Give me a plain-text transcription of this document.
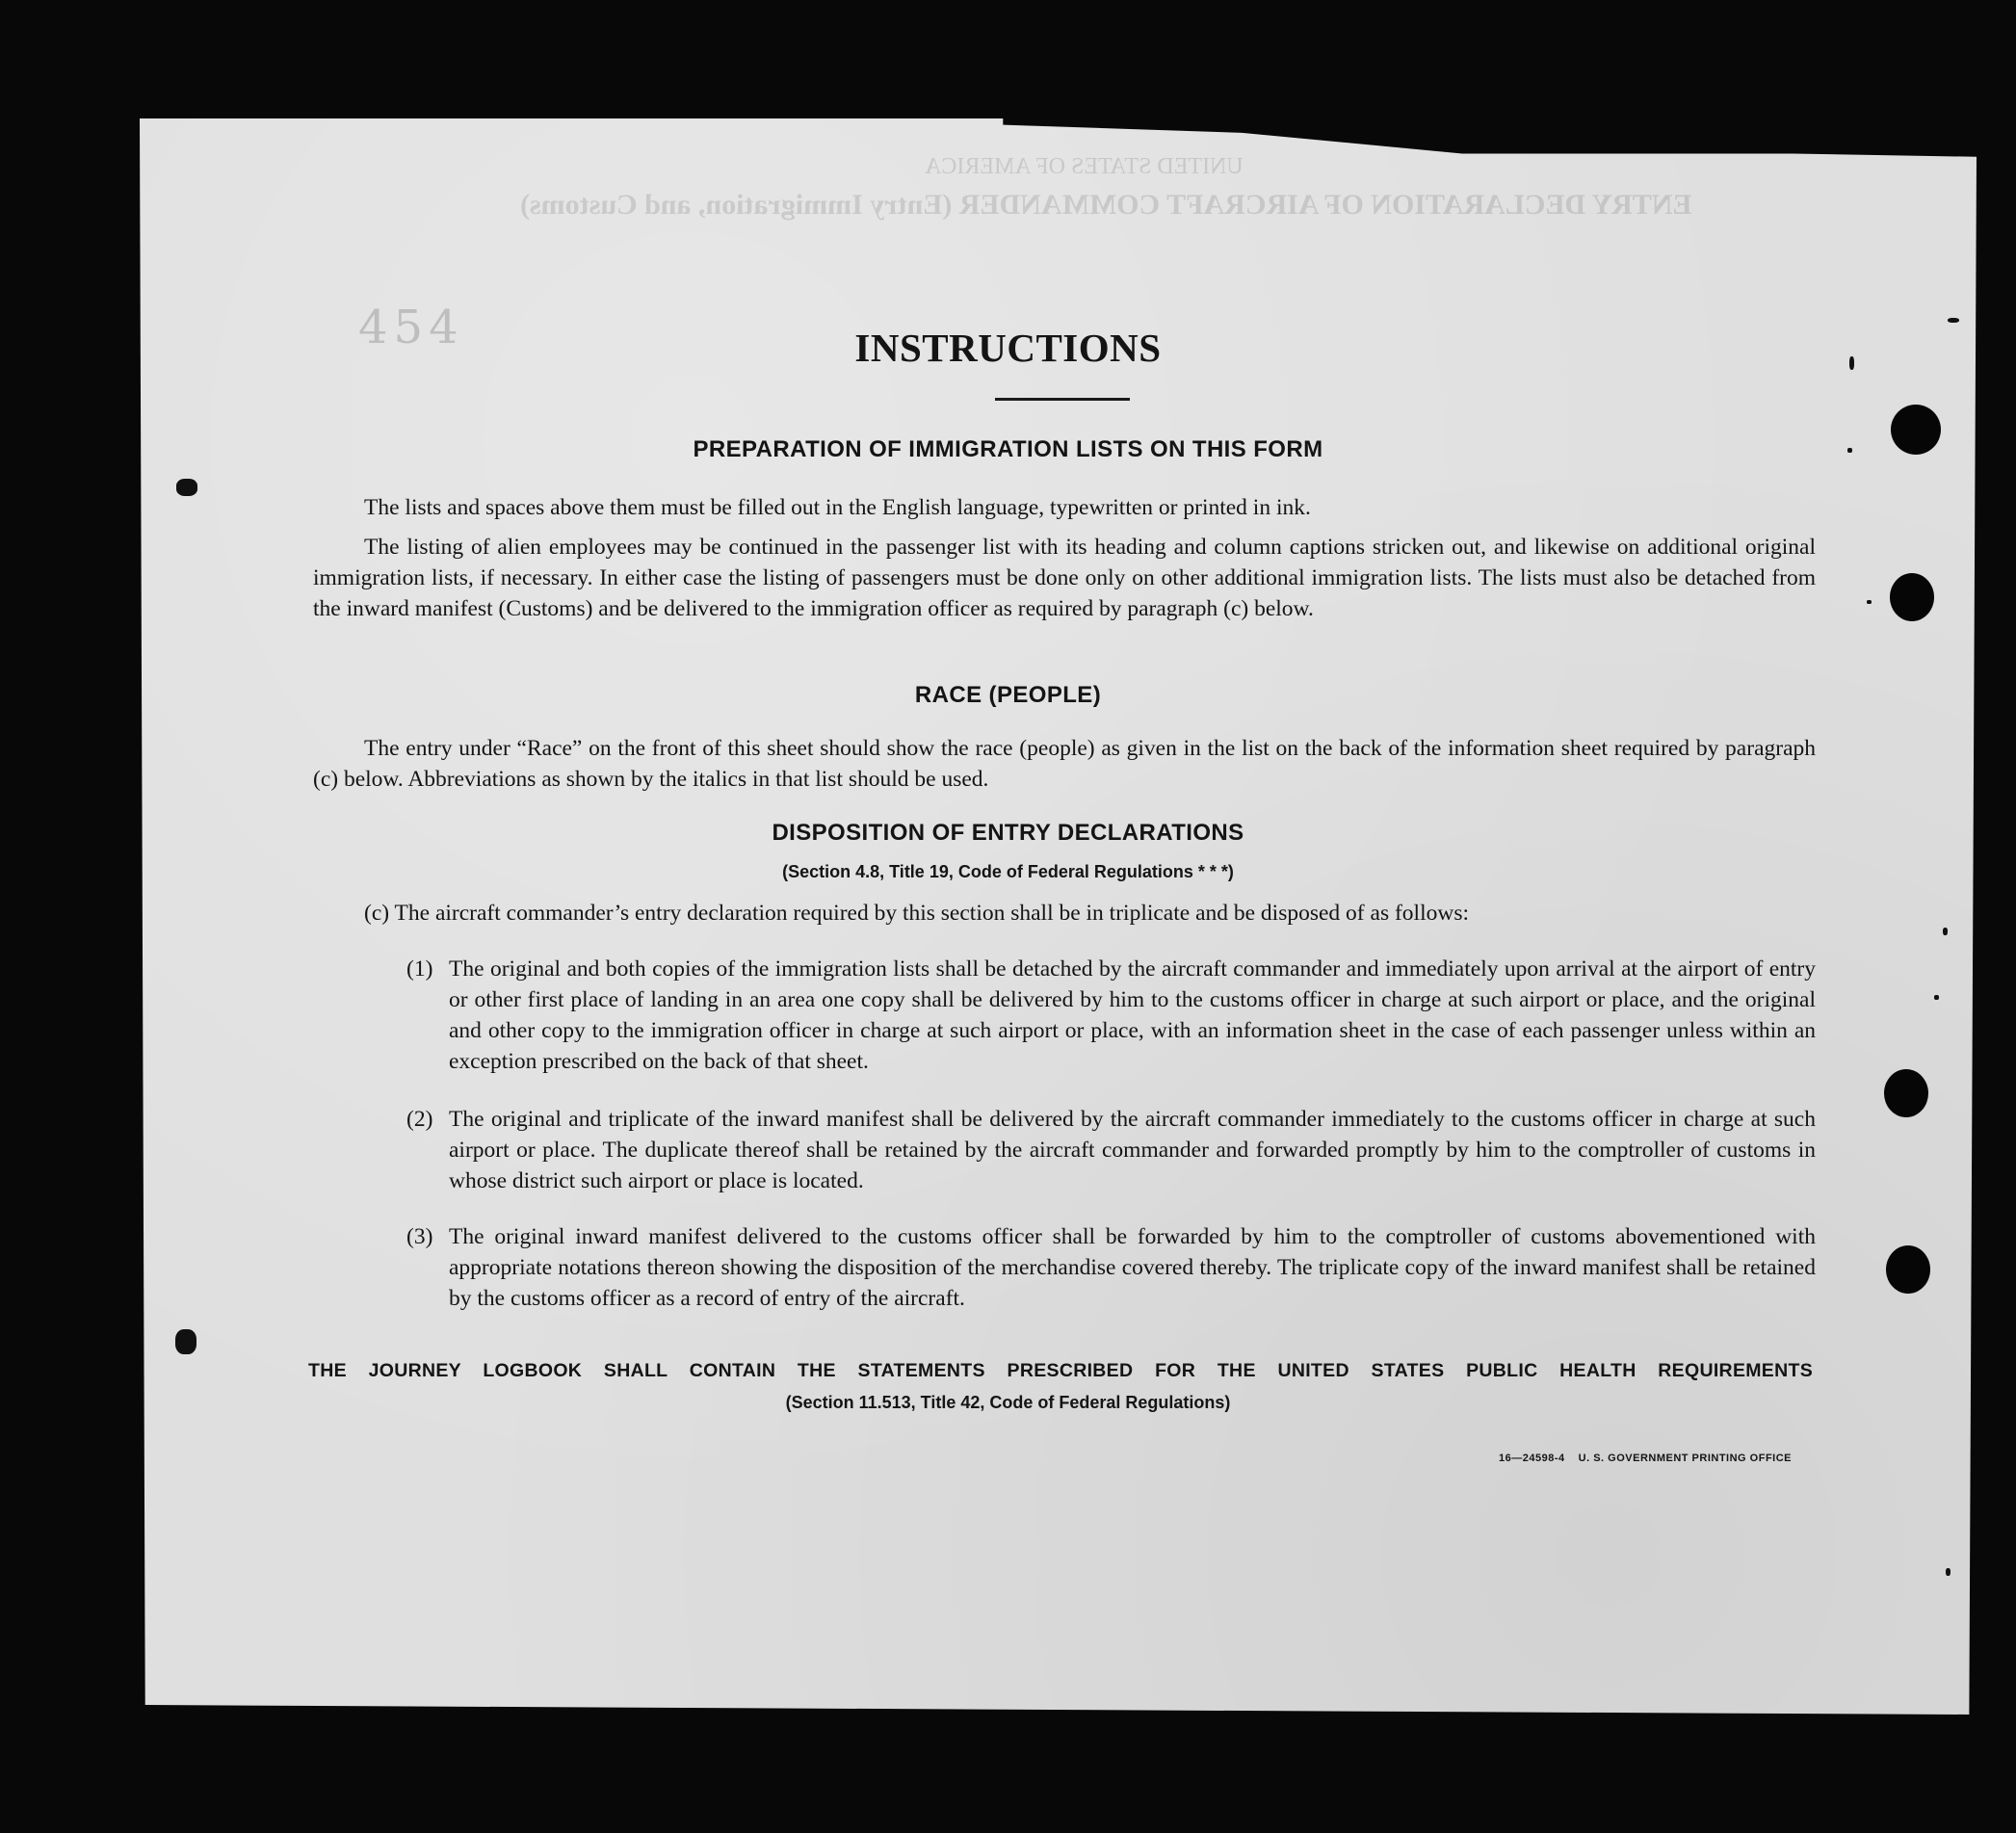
UNITED STATES OF AMERICA
ENTRY DECLARATION OF AIRCRAFT COMMANDER (Entry Immigration, and Customs)
454	INSTRUCTIONS
PREPARATION OF IMMIGRATION LISTS ON THIS FORM

The lists and spaces above them must be filled out in the English language, typewritten or printed in ink.

The listing of alien employees may be continued in the passenger list with its heading and column captions stricken out, and likewise on additional original immigration lists, if necessary. In either case the listing of passengers must be done only on other additional immigration lists. The lists must also be detached from the inward manifest (Customs) and be delivered to the immigration officer as required by paragraph (c) below.

RACE (PEOPLE)

The entry under “Race” on the front of this sheet should show the race (people) as given in the list on the back of the information sheet required by paragraph (c) below. Abbreviations as shown by the italics in that list should be used.

DISPOSITION OF ENTRY DECLARATIONS
(Section 4.8, Title 19, Code of Federal Regulations * * *)

(c) The aircraft commander’s entry declaration required by this section shall be in triplicate and be disposed of as follows:

(1) The original and both copies of the immigration lists shall be detached by the aircraft commander and immediately upon arrival at the airport of entry or other first place of landing in an area one copy shall be delivered by him to the customs officer in charge at such airport or place, and the original and other copy to the immigration officer in charge at such airport or place, with an information sheet in the case of each passenger unless within an exception prescribed on the back of that sheet.
(2) The original and triplicate of the inward manifest shall be delivered by the aircraft commander immediately to the customs officer in charge at such airport or place. The duplicate thereof shall be retained by the aircraft commander and forwarded promptly by him to the comptroller of customs in whose district such airport or place is located.
(3) The original inward manifest delivered to the customs officer shall be forwarded by him to the comptroller of customs abovementioned with appropriate notations thereon showing the disposition of the merchandise covered thereby. The triplicate copy of the inward manifest shall be retained by the customs officer as a record of entry of the aircraft.
THE JOURNEY LOGBOOK SHALL CONTAIN THE STATEMENTS PRESCRIBED FOR THE UNITED STATES PUBLIC HEALTH REQUIREMENTS
(Section 11.513, Title 42, Code of Federal Regulations)
16—24598-4 U. S. GOVERNMENT PRINTING OFFICE
